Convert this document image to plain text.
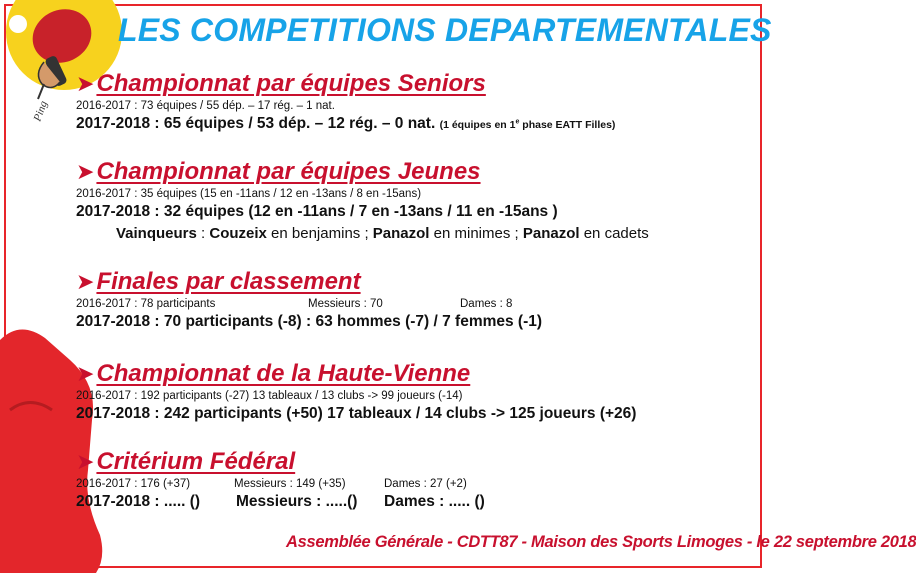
Ping
LES COMPETITIONS DEPARTEMENTALES
➤ Championnat par équipes Seniors
2016-2017 : 73 équipes / 55 dép. – 17 rég. – 1 nat.
2017-2018 : 65 équipes / 53 dép. – 12 rég. – 0 nat. (1 équipes en 1e phase EATT Filles)
➤ Championnat par équipes Jeunes
2016-2017 : 35 équipes (15 en -11ans / 12 en -13ans / 8 en -15ans)
2017-2018 : 32 équipes (12 en -11ans / 7 en -13ans / 11 en -15ans )
Vainqueurs : Couzeix en benjamins ; Panazol en minimes ; Panazol en cadets
➤ Finales par classement
2016-2017 : 78 participants	Messieurs : 70	Dames : 8
2017-2018 : 70 participants (-8) : 63 hommes (-7) / 7 femmes (-1)
➤ Championnat de la Haute-Vienne
2016-2017 : 192 participants (-27) 13 tableaux / 13 clubs -> 99 joueurs (-14)
2017-2018 : 242 participants (+50) 17 tableaux / 14 clubs -> 125 joueurs (+26)
➤ Critérium Fédéral
2016-2017 : 176 (+37)	Messieurs : 149 (+35)	Dames : 27 (+2)
2017-2018 : ..... () Messieurs : .....() Dames : ..... ()
Assemblée Générale - CDTT87 - Maison des Sports Limoges - le 22 septembre 2018
